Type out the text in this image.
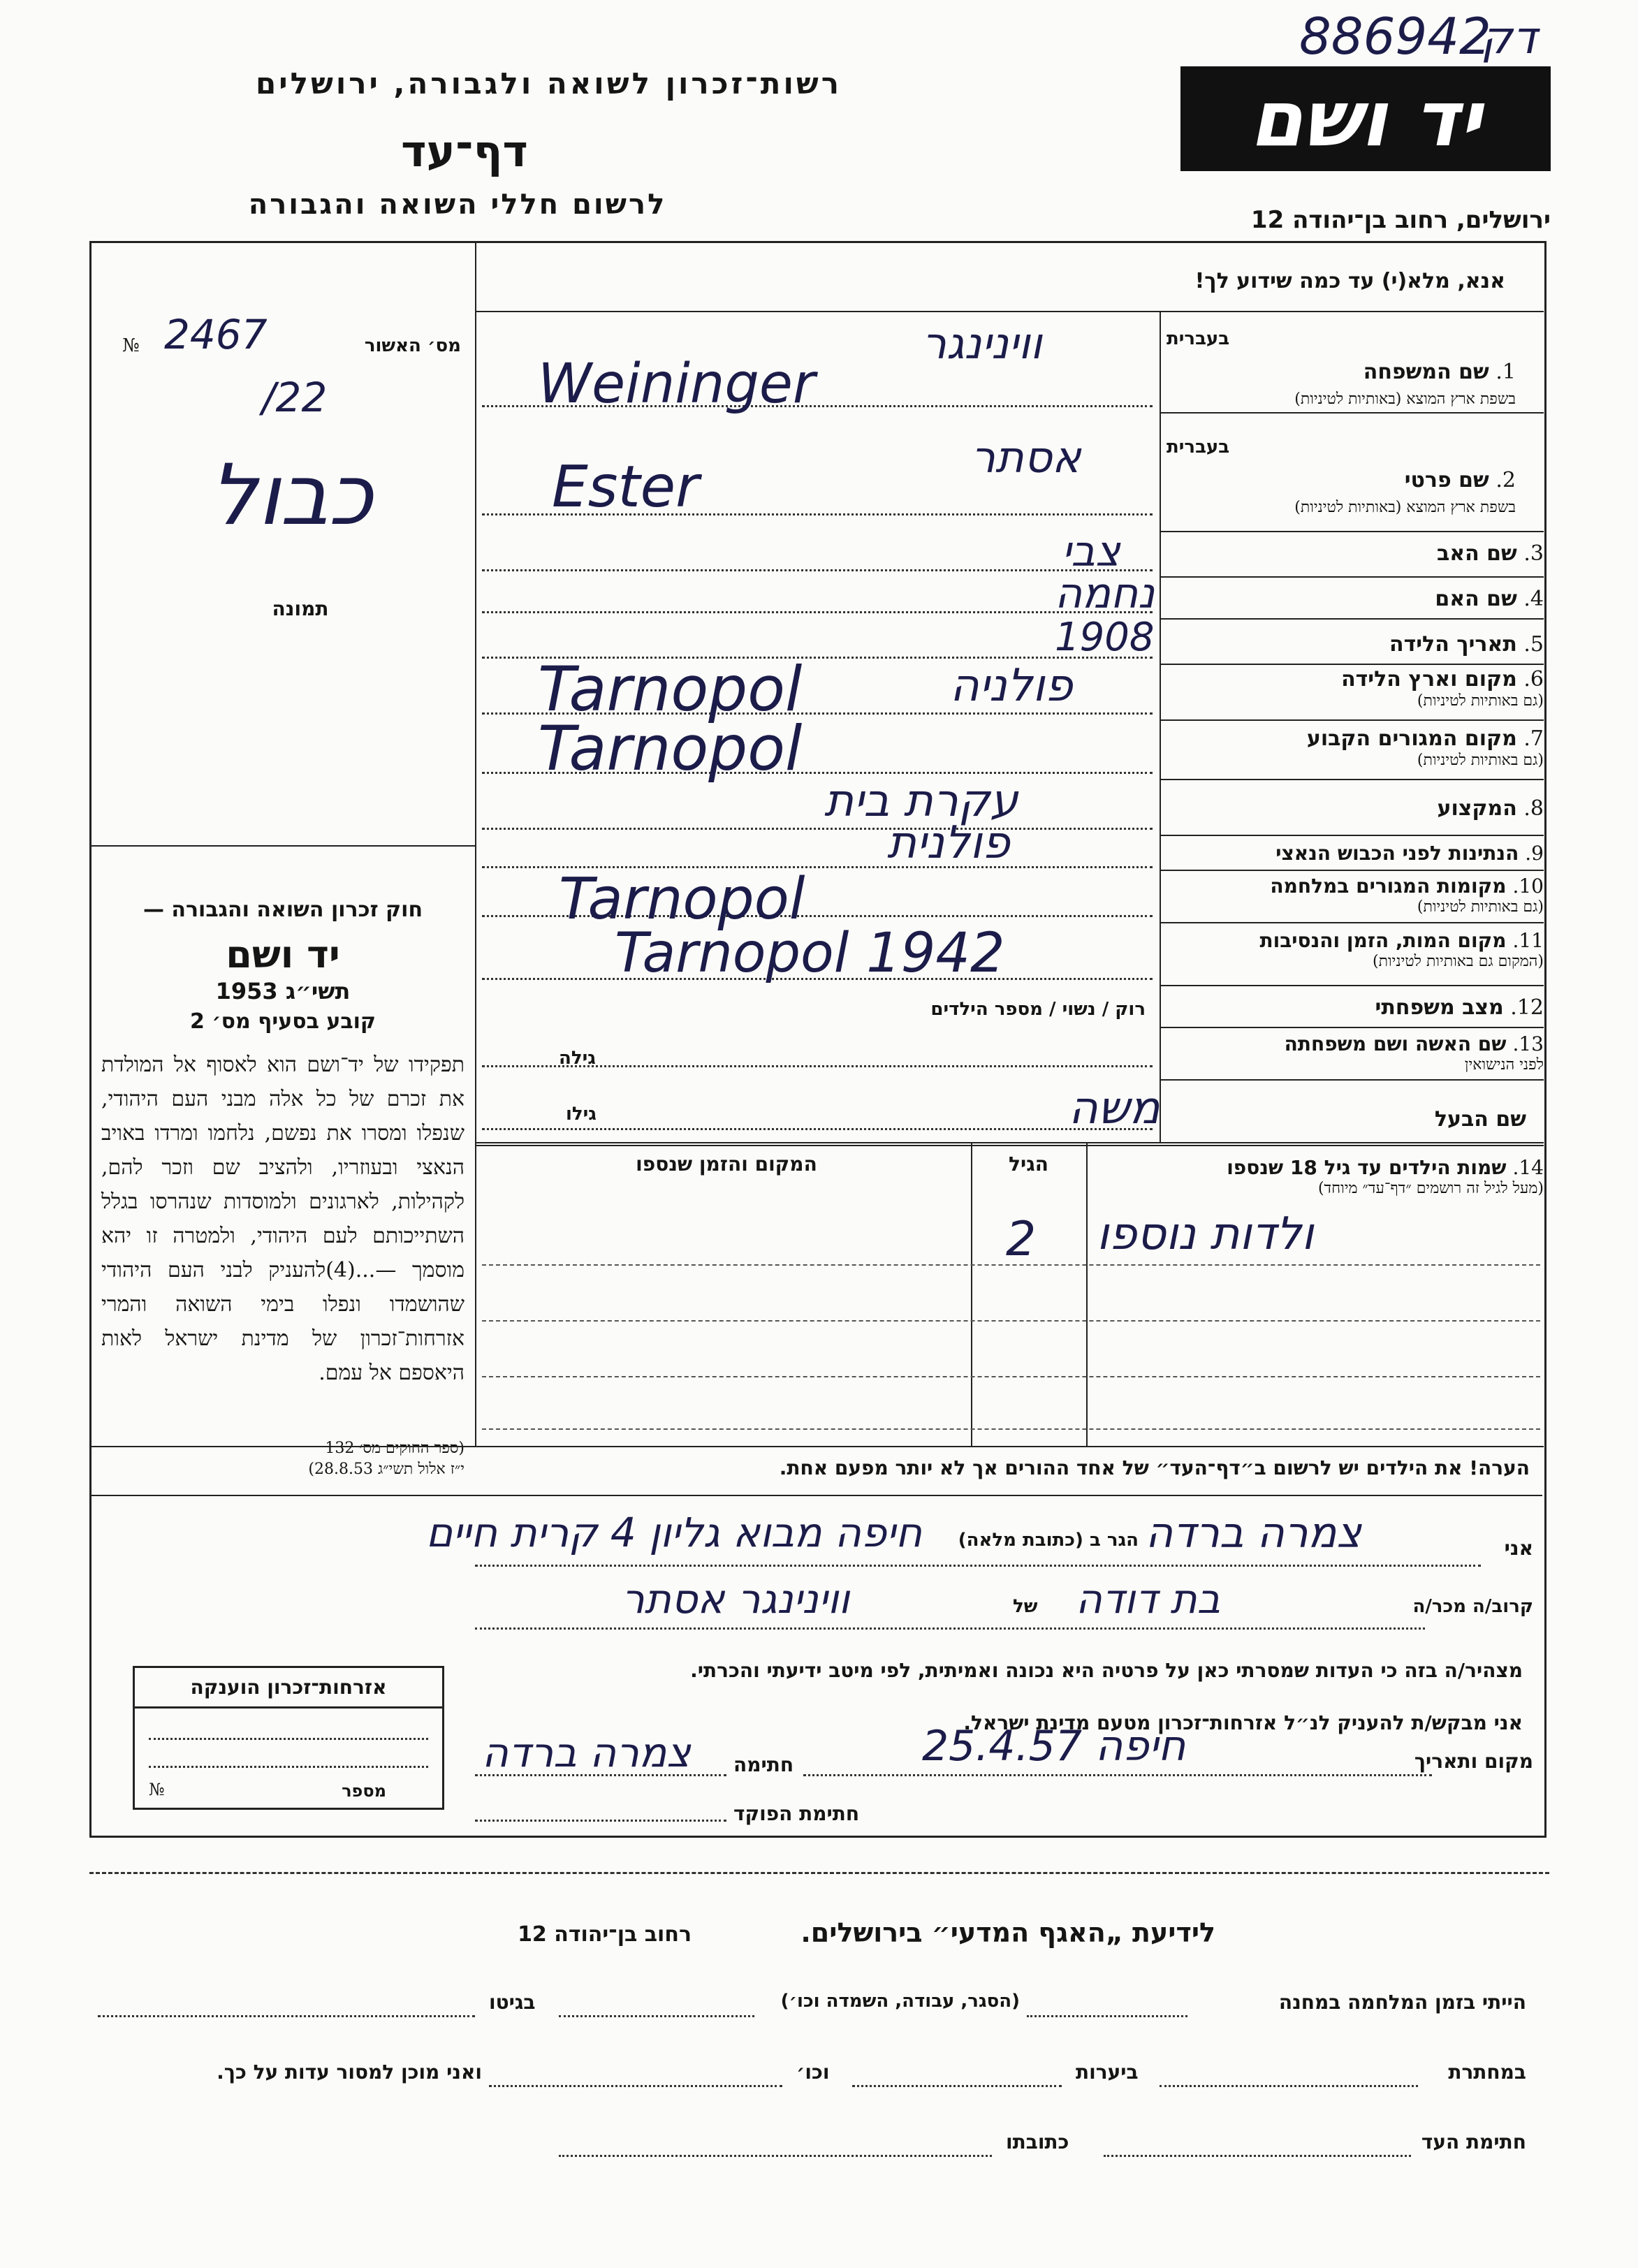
רשות־זכרון לשואה ולגבורה, ירושלים
דף־עד
לרשום חללי השואה והגבורה
יד ושם
ירושלים, רחוב בן־יהודה 12
886942
דק
אנא, מלא(י) עד כמה שידוע לך!
מס׳ האשור
№ 2467
/22
כבול
תמונה
חוק זכרון השואה והגבורה —
יד ושם
תשי״ג 1953
קובע בסעיף מס׳ 2
תפקידו של יד־ושם הוא לאסוף אל המולדת את זכרם של כל אלה מבני העם היהודי, שנפלו ומסרו את נפשם, נלחמו ומרדו באויב הנאצי ובעוזריו, ולהציב שם וזכר להם, לקהילות, לארגונים ולמוסדות שנהרסו בגלל השתייכותם לעם היהודי, ולמטרה זו יהא מוסמך —...(4)להעניק לבני העם היהודי שהושמדו ונפלו בימי השואה והמרי אזרחות־זכרון של מדינת ישראל לאות היאספם אל עמם.
(ספר החוקים מס׳ 132
י״ז אלול תשי״ג 28.8.53)
בעברית
1. שם המשפחה
בשפת ארץ המוצא (באותיות לטיניות)
ווינינגר
Weininger
בעברית
2. שם פרטי
בשפת ארץ המוצא (באותיות לטיניות)
אסתר
Ester
3. שם האב
צבי
4. שם האם
נחמה
5. תאריך הלידה
1908
6. מקום וארץ הלידה
(גם באותיות לטיניות)
פולניה
Tarnopol
7. מקום המגורים הקבוע
(גם באותיות לטיניות)
Tarnopol
8. המקצוע
עקרת בית
9. הנתינות לפני הכבוש הנאצי
פולנית
10. מקומות המגורים במלחמה
(גם באותיות לטיניות)
Tarnopol
11. מקום המות, הזמן והנסיבות
(המקום גם באותיות לטיניות)
Tarnopol 1942
12. מצב משפחתי
רוק / נשוי / מספר הילדים
13. שם האשה ושם משפחתה
לפני הנישואין
גילה
שם הבעל
משה
גילו
14. שמות הילדים עד גיל 18 שנספו
(מעל לגיל זה רושמים ״דף־עד״ מיוחד)
הגיל
המקום והזמן שנספו
ולדות נוספו
2
הערה! את הילדים יש לרשום ב״דף־העד״ של אחד ההורים אך לא יותר מפעם אחת.
אני
צמרה ברדה
הגר ב (כתובת מלאה)
חיפה מבוא גליון 4 קרית חיים
קרוב/ה מכר/ה
בת דודה
של
ווינינגר אסתר
מצהיר/ה בזה כי העדות שמסרתי כאן על פרטיה היא נכונה ואמיתית, לפי מיטב ידיעתי והכרתי.
אני מבקש/ת להעניק לנ״ל אזרחות־זכרון מטעם מדינת ישראל.
מקום ותאריך
חיפה 25.4.57
חתימה
צמרה ברדה
חתימת הפוקד
אזרחות־זכרון הוענקה
מספר
№
לידיעת „האגף המדעי״ בירושלים.
רחוב בן־יהודה 12
הייתי בזמן המלחמה במחנה
(הסגר, עבודה, השמדה וכו׳)
בגיטו
במחתרת
ביערות
וכו׳
ואני מוכן למסור עדות על כך.
חתימת העד
כתובתו
